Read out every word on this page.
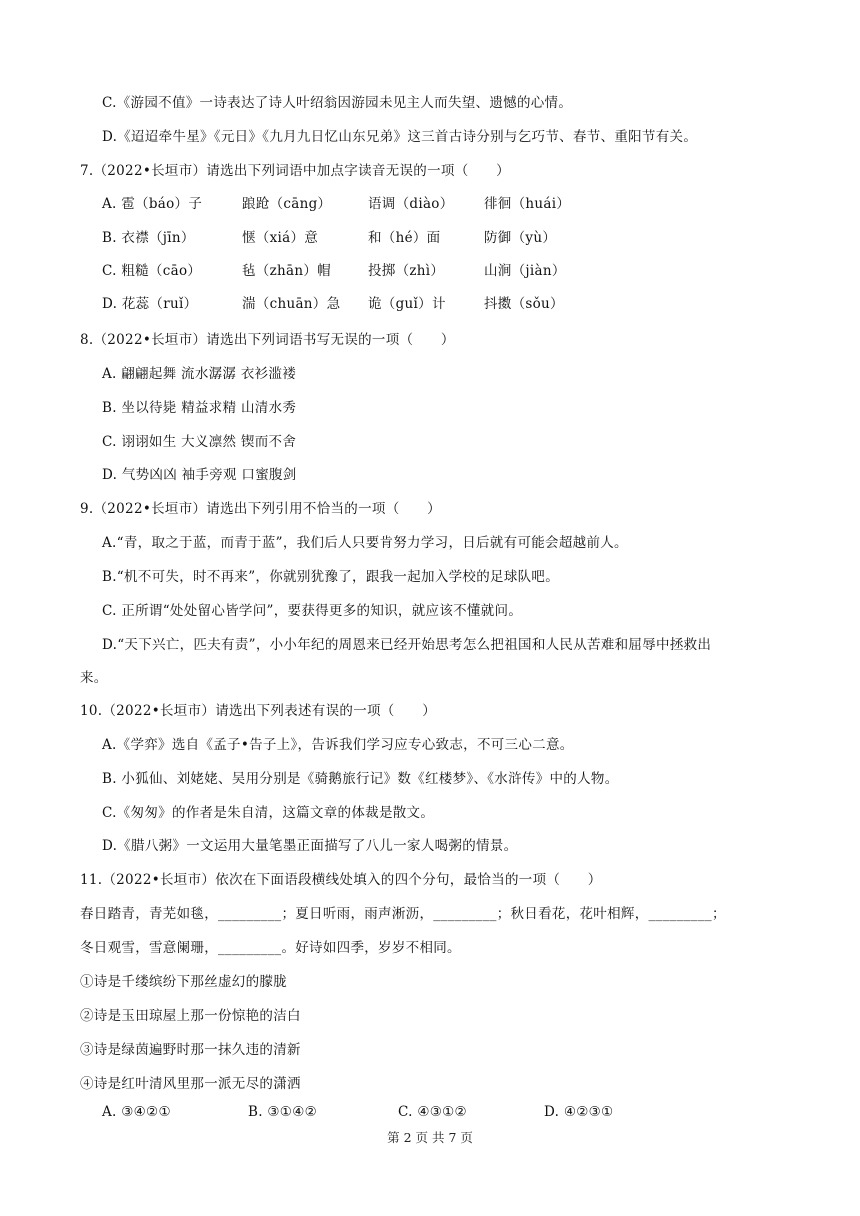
C.《游园不值》一诗表达了诗人叶绍翁因游园未见主人而失望、遗憾的心情。
D.《迢迢牵牛星》《元日》《九月九日忆山东兄弟》这三首古诗分别与乞巧节、春节、重阳节有关。
7.（2022•长垣市）请选出下列词语中加点字读音无误的一项（　　）
A. 雹（báo）子	踉跄（cāng）	语调（diào） 徘徊（huái）
B. 衣襟（jīn）	惬（xiá）意	和（hé）面	防御（yù）
C. 粗糙（cāo）	毡（zhān）帽	投掷（zhì）	山涧（jiàn）
D. 花蕊（ruǐ）	湍（chuān）急 诡（guǐ）计	抖擞（sǒu）
8.（2022•长垣市）请选出下列词语书写无误的一项（　　）
A. 翩翩起舞 流水潺潺 衣衫滥褛
B. 坐以待毙 精益求精 山清水秀
C. 诩诩如生 大义凛然 锲而不舍
D. 气势凶凶 袖手旁观 口蜜腹剑
9.（2022•长垣市）请选出下列引用不恰当的一项（　　）
A.“青，取之于蓝，而青于蓝”，我们后人只要肯努力学习，日后就有可能会超越前人。
B.“机不可失，时不再来”，你就别犹豫了，跟我一起加入学校的足球队吧。
C. 正所谓“处处留心皆学问”，要获得更多的知识，就应该不懂就问。
D.“天下兴亡，匹夫有责”，小小年纪的周恩来已经开始思考怎么把祖国和人民从苦难和屈辱中拯救出
来。
10.（2022•长垣市）请选出下列表述有误的一项（　　）
A.《学弈》选自《孟子•告子上》，告诉我们学习应专心致志，不可三心二意。
B. 小狐仙、刘姥姥、吴用分别是《骑鹅旅行记》数《红楼梦》、《水浒传》中的人物。
C.《匆匆》的作者是朱自清，这篇文章的体裁是散文。
D.《腊八粥》一文运用大量笔墨正面描写了八儿一家人喝粥的情景。
11.（2022•长垣市）依次在下面语段横线处填入的四个分句，最恰当的一项（　　）
春日踏青，青芜如毯，_________；夏日听雨，雨声淅沥，_________；秋日看花，花叶相辉，_________；
冬日观雪，雪意阑珊，_________。好诗如四季，岁岁不相同。
①诗是千缕缤纷下那丝虚幻的朦胧
②诗是玉田琼屋上那一份惊艳的洁白
③诗是绿茵遍野时那一抹久违的清新
④诗是红叶清风里那一派无尽的潇洒
A. ③④②①	B. ③①④②	C. ④③①②	D. ④②③①
第 2 页 共 7 页
